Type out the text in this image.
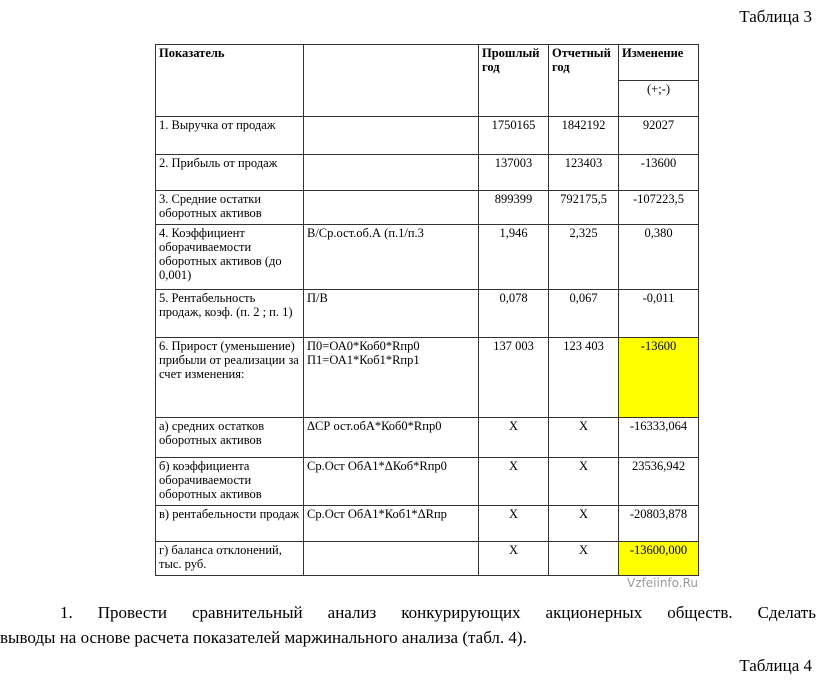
Таблица 3
Показатель		Прошлый год	Отчетный год	Изменение
				(+;-)
1. Выручка от продаж		1750165	1842192	92027
2. Прибыль от продаж		137003	123403	-13600
3. Средние остатки оборотных активов		899399	792175,5	-107223,5
4. Коэффициент оборачиваемости оборотных активов (до 0,001)	В/Ср.ост.об.А (п.1/п.3	1,946	2,325	0,380
5. Рентабельность продаж, коэф. (п. 2 ; п. 1)	П/В	0,078	0,067	-0,011
6. Прирост (уменьшение) прибыли от реализации за счет изменения:	П0=ОА0*Коб0*Rпр0 П1=ОА1*Коб1*Rпр1	137 003	123 403	-13600
а) средних остатков оборотных активов	ΔСР ост.обА*Коб0*Rпр0	Х	Х	-16333,064
б) коэффициента оборачиваемости оборотных активов	Ср.Ост ОбА1*ΔКоб*Rпр0	Х	Х	23536,942
в) рентабельности продаж	Ср.Ост ОбА1*Коб1*ΔRпр	Х	Х	-20803,878
г) баланса отклонений, тыс. руб.		Х	Х	-13600,000
Vzfeiinfo.Ru
1. Провести сравнительный анализ конкурирующих акционерных обществ. Сделать
выводы на основе расчета показателей маржинального анализа (табл. 4).
Таблица 4
